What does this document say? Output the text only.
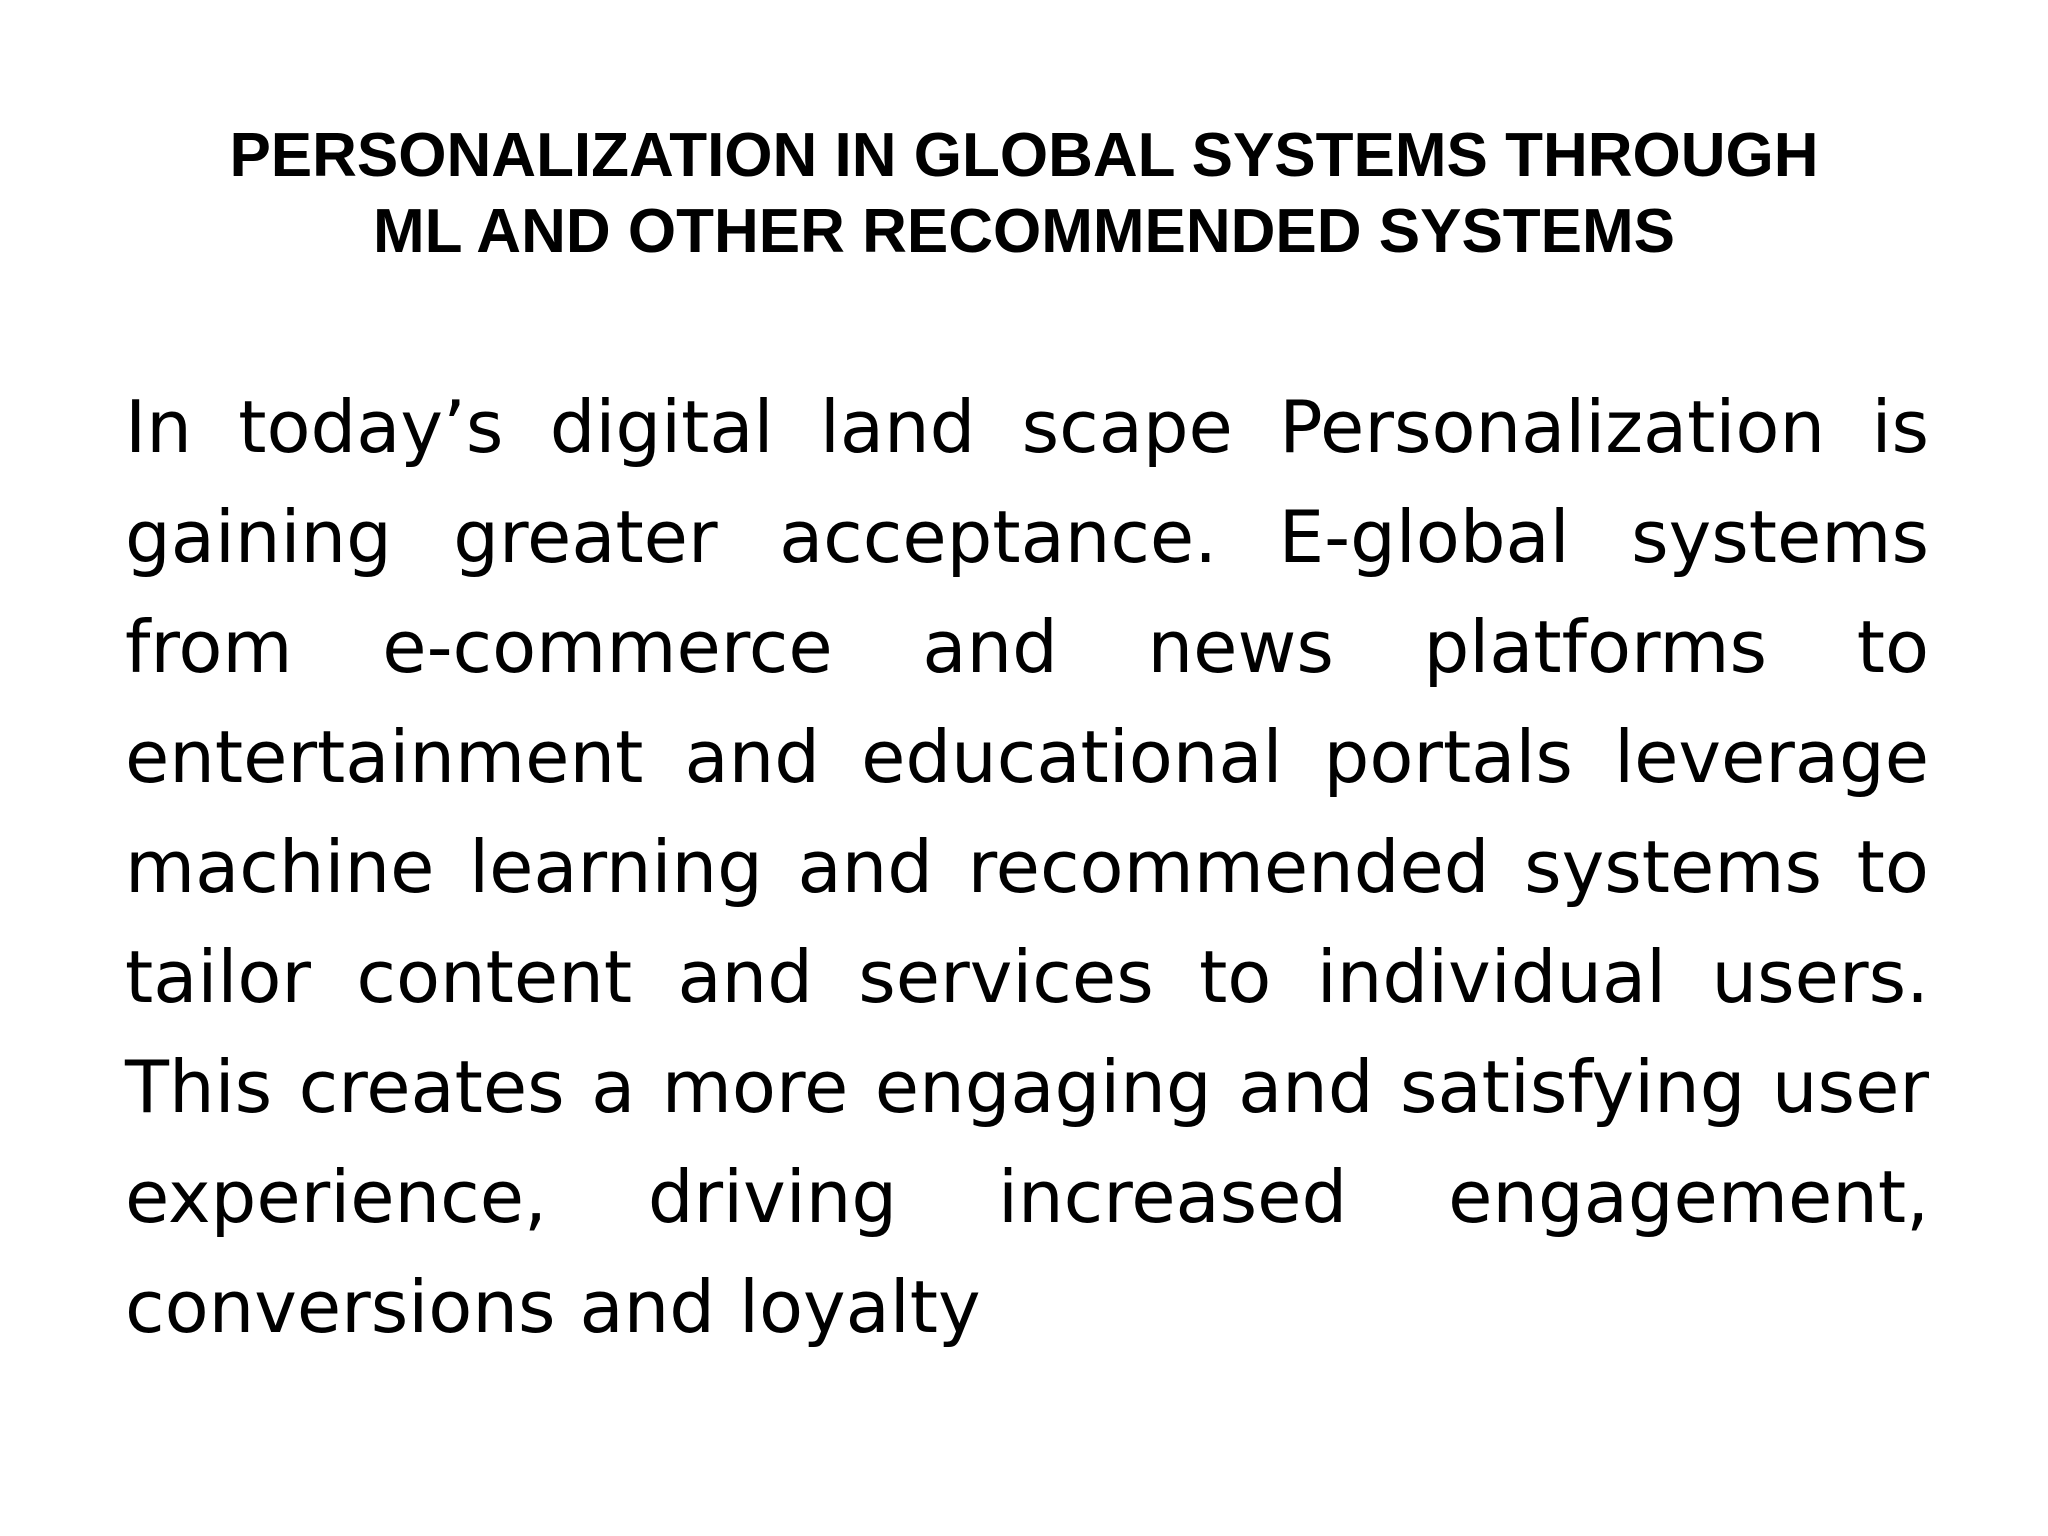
PERSONALIZATION IN GLOBAL SYSTEMS THROUGH
ML AND OTHER RECOMMENDED SYSTEMS
In today’s digital land scape Personalization is
gaining greater acceptance. E-global systems
from e-commerce and news platforms to
entertainment and educational portals leverage
machine learning and recommended systems to
tailor content and services to individual users.
This creates a more engaging and satisfying user
experience, driving increased engagement,
conversions and loyalty
